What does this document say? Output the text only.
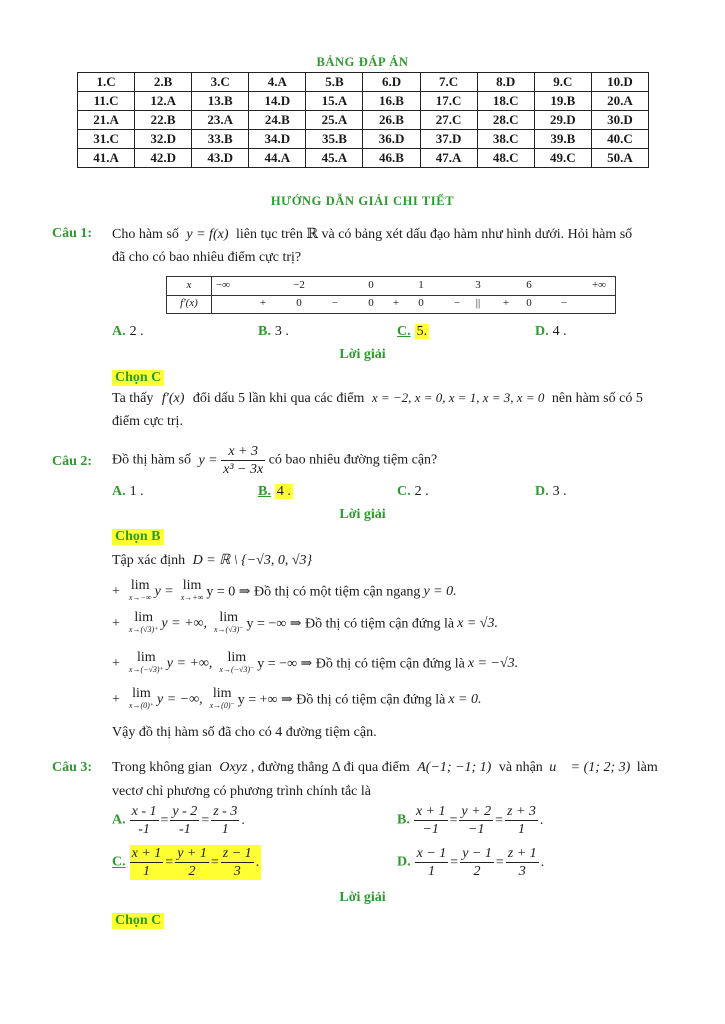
BẢNG ĐÁP ÁN
1.C	2.B	3.C	4.A	5.B	6.D	7.C	8.D	9.C	10.D
11.C	12.A	13.B	14.D	15.A	16.B	17.C	18.C	19.B	20.A
21.A	22.B	23.A	24.B	25.A	26.B	27.C	28.C	29.D	30.D
31.C	32.D	33.B	34.D	35.B	36.D	37.D	38.C	39.B	40.C
41.A	42.D	43.D	44.A	45.A	46.B	47.A	48.C	49.C	50.A
HƯỚNG DẪN GIẢI CHI TIẾT
Câu 1: Cho hàm số y = f(x) liên tục trên ℝ và có bảng xét dấu đạo hàm như hình dưới. Hỏi hàm số
đã cho có bao nhiêu điểm cực trị?
x −∞	−2	0	1	3	6	+∞
f′(x)	+	0	−	0 + 0	− || + 0	−
A. 2 .	B. 3 .	C. 5.	D. 4 .
Lời giải
Chọn C
Ta thấy f′(x) đổi dấu 5 lần khi qua các điểm x = −2, x = 0, x = 1, x = 3, x = 0 nên hàm số có 5
điểm cực trị.
Câu 2: Đồ thị hàm số $y = \frac{x + 3}{\text{x³ − 3x}}$ có bao nhiêu đường tiệm cận?
A. 1 .	B. 4 .	C. 2 .	D. 3 .
Lời giải
Chọn B
Tập xác định D = ℝ \ {−√3, 0, √3}
+ lim
x→−∞ y = lim
x→+∞ y = 0 ⇒ Đồ thị có một tiệm cận ngang y = 0.
+	lim
x→(√3)⁺ y = +∞, lim
x→(√3)⁻ y = −∞ ⇒ Đồ thị có tiệm cận đứng là x = √3.
+	lim
x→(−√3)⁺ y = +∞,	lim
x→(−√3)⁻ y = −∞ ⇒ Đồ thị có tiệm cận đứng là x = −√3.
+ lim
x→(0)⁺ y = −∞, lim
x→(0)⁻ y = +∞ ⇒ Đồ thị có tiệm cận đứng là x = 0.
Vậy đồ thị hàm số đã cho có 4 đường tiệm cận.
Câu 3: Trong không gian Oxyz , đường thẳng Δ đi qua điểm A(−1; −1; 1) và nhận u⃗ = (1; 2; 3) làm
vectơ chỉ phương có phương trình chính tắc là
A. $\frac{x - 1}{-1} = \frac{y - 2}{-1} = \frac{z - 3}{1}$ .	B. $\frac{x + 1}{-1} = \frac{y + 2}{-1} = \frac{z + 3}{1}$ .
C. $\frac{x + 1}{1} = \frac{y + 1}{2} = \frac{z - 1}{3}$ .	D. $\frac{x - 1}{1} = \frac{y - 1}{2} = \frac{z + 1}{3}$ .
Lời giải
Chọn C
